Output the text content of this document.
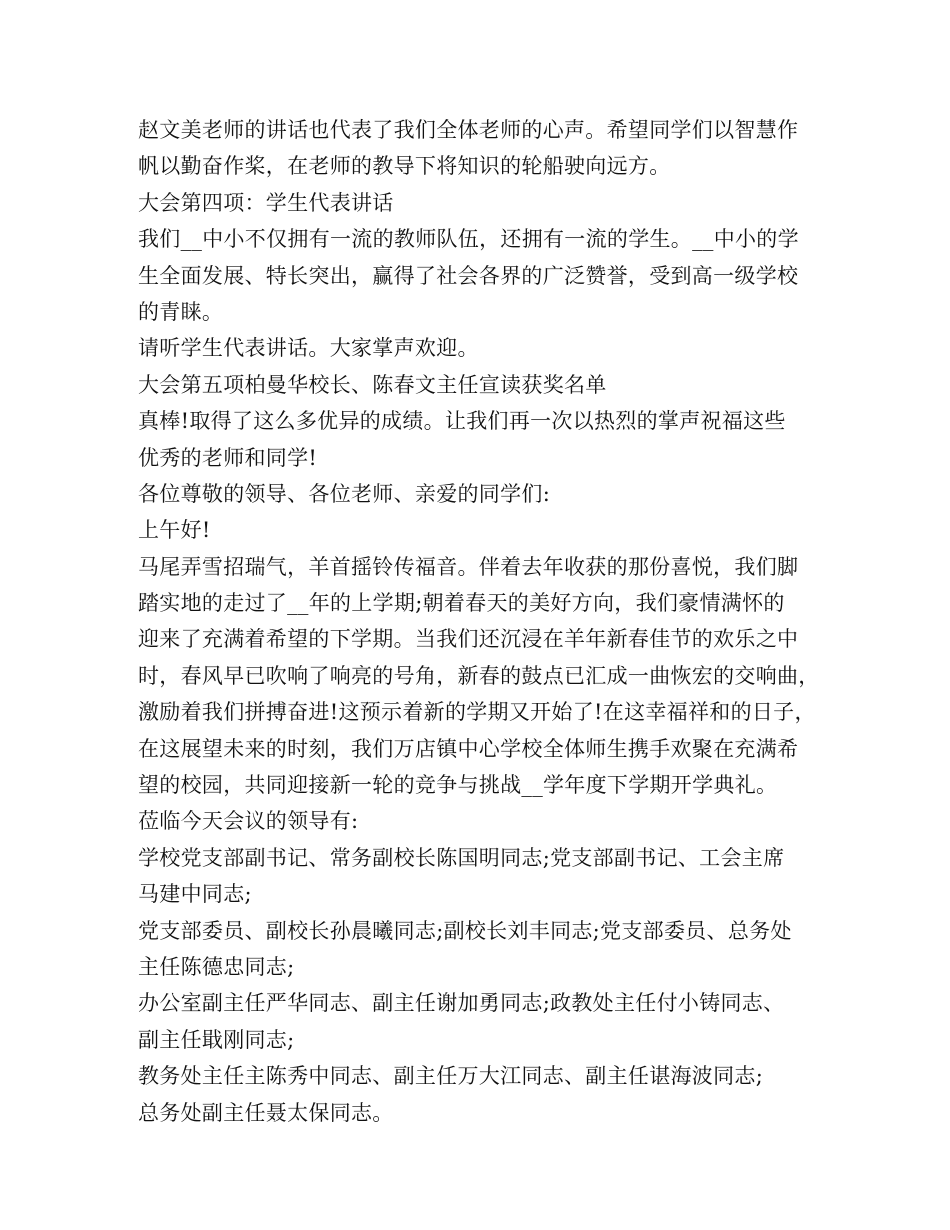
赵文美老师的讲话也代表了我们全体老师的心声。希望同学们以智慧作
帆以勤奋作桨，在老师的教导下将知识的轮船驶向远方。
大会第四项：学生代表讲话
我们__中小不仅拥有一流的教师队伍，还拥有一流的学生。__中小的学
生全面发展、特长突出，赢得了社会各界的广泛赞誉，受到高一级学校
的青睐。
请听学生代表讲话。大家掌声欢迎。
大会第五项柏曼华校长、陈春文主任宣读获奖名单
真棒!取得了这么多优异的成绩。让我们再一次以热烈的掌声祝福这些
优秀的老师和同学!
各位尊敬的领导、各位老师、亲爱的同学们:
上午好!
马尾弄雪招瑞气，羊首摇铃传福音。伴着去年收获的那份喜悦，我们脚
踏实地的走过了__年的上学期;朝着春天的美好方向，我们豪情满怀的
迎来了充满着希望的下学期。当我们还沉浸在羊年新春佳节的欢乐之中
时，春风早已吹响了响亮的号角，新春的鼓点已汇成一曲恢宏的交响曲，
激励着我们拼搏奋进!这预示着新的学期又开始了!在这幸福祥和的日子，
在这展望未来的时刻，我们万店镇中心学校全体师生携手欢聚在充满希
望的校园，共同迎接新一轮的竞争与挑战__学年度下学期开学典礼。
莅临今天会议的领导有:
学校党支部副书记、常务副校长陈国明同志;党支部副书记、工会主席
马建中同志;
党支部委员、副校长孙晨曦同志;副校长刘丰同志;党支部委员、总务处
主任陈德忠同志;
办公室副主任严华同志、副主任谢加勇同志;政教处主任付小铸同志、
副主任戢刚同志;
教务处主任主陈秀中同志、副主任万大江同志、副主任谌海波同志;
总务处副主任聂太保同志。
